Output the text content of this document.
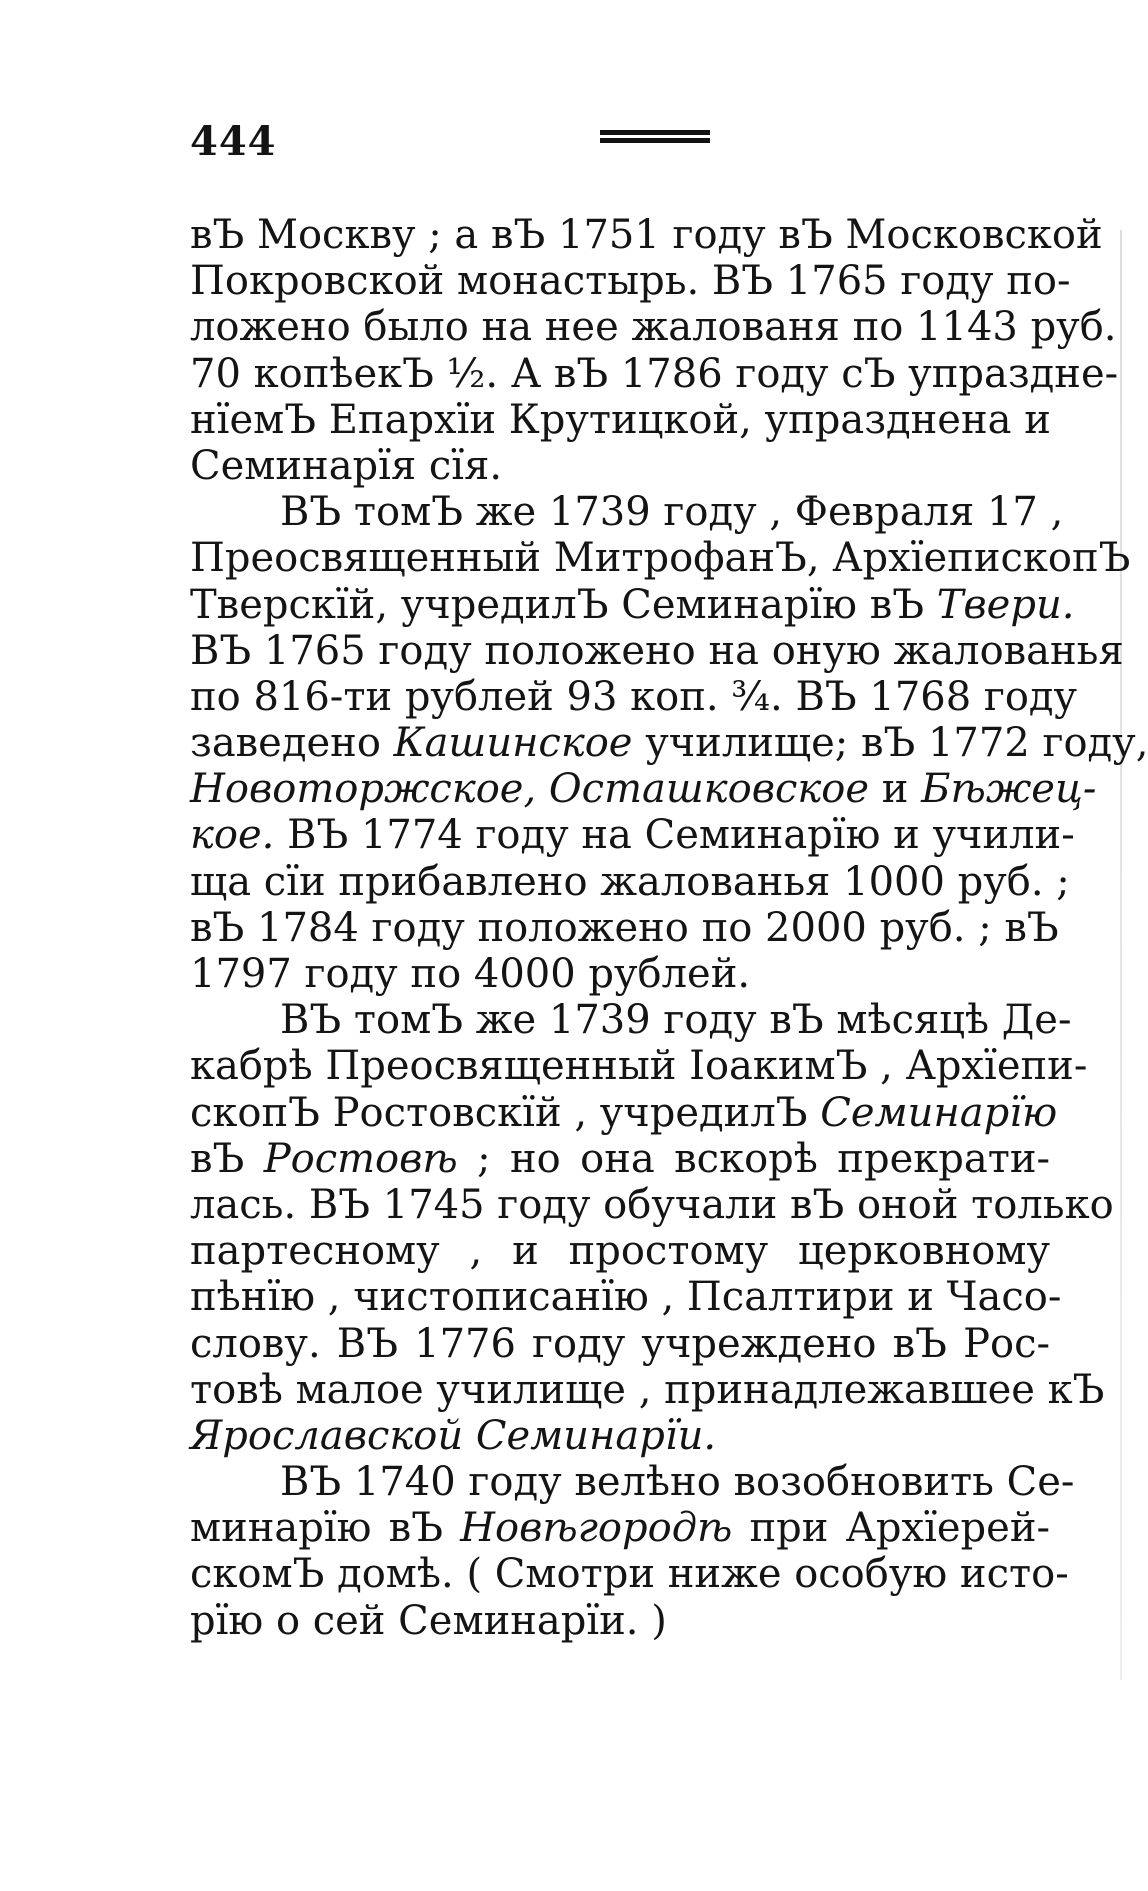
444
вЪ Москву ; а вЪ 1751 году вЪ Московской
Покровской монастырь. ВЪ 1765 году по-
ложено было на нее жалованя по 1143 руб.
70 копѣекЪ ½. А вЪ 1786 году сЪ упраздне-
нїемЪ Епархїи Крутицкой, упразднена и
Семинарїя сїя.
ВЪ томЪ же 1739 году , Февраля 17 ,
Преосвященный МитрофанЪ, АрхїепископЪ
Тверскїй, учредилЪ Семинарїю вЪ Твери.
ВЪ 1765 году положено на оную жалованья
по 816-ти рублей 93 коп. ¾. ВЪ 1768 году
заведено Кашинское училище; вЪ 1772 году,
Новоторжское, Осташковское и Бѣжец-
кое. ВЪ 1774 году на Семинарїю и учили-
ща сїи прибавлено жалованья 1000 руб. ;
вЪ 1784 году положено по 2000 руб. ; вЪ
1797 году по 4000 рублей.
ВЪ томЪ же 1739 году вЪ мѣсяцѣ Де-
кабрѣ Преосвященный ІоакимЪ , Архїепи-
скопЪ Ростовскїй , учредилЪ Семинарїю
вЪ Ростовѣ ; но она вскорѣ прекрати-
лась. ВЪ 1745 году обучали вЪ оной только
партесному , и простому церковному
пѣнїю , чистописанїю , Псалтири и Часо-
слову. ВЪ 1776 году учреждено вЪ Рос-
товѣ малое училище , принадлежавшее кЪ
Ярославской Семинарїи.
ВЪ 1740 году велѣно возобновить Се-
минарїю вЪ Новѣгородѣ при Архїерей-
скомЪ домѣ. ( Смотри ниже особую исто-
рїю о сей Семинарїи. )
